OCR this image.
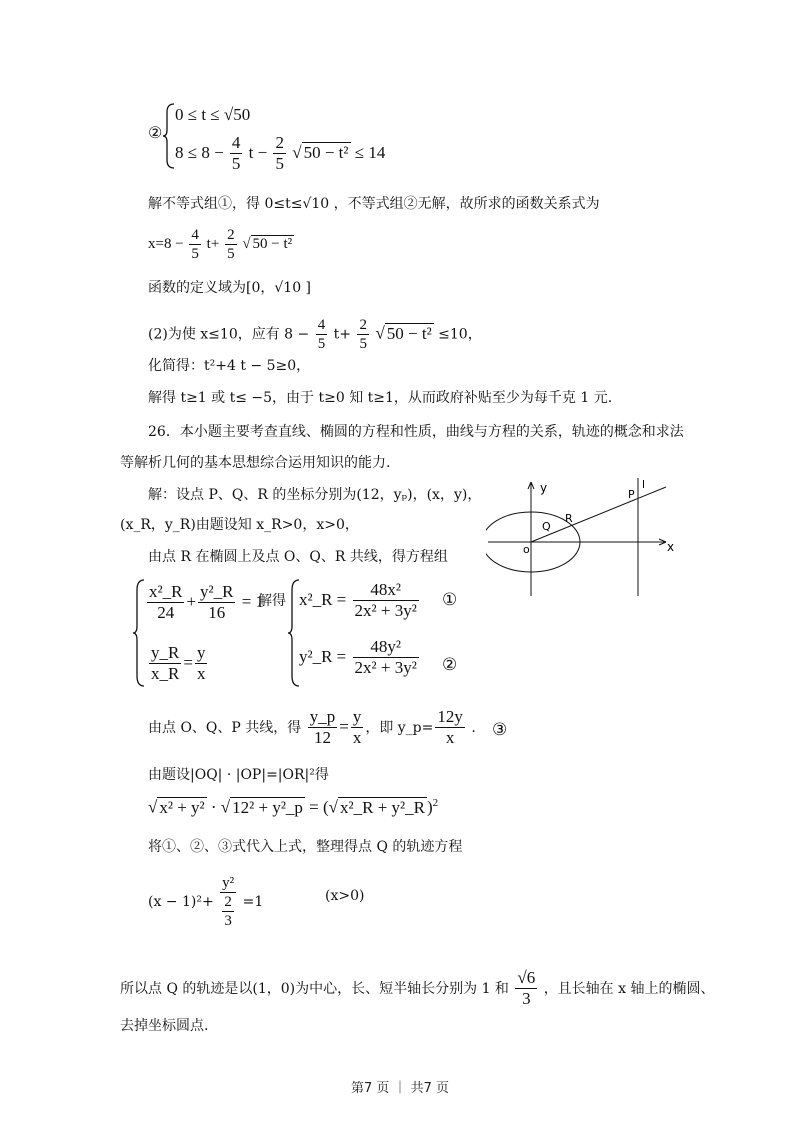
②
0 ≤ t ≤ √50
$8 \le 8 - \frac{4}{5}$ $t - \frac{2}{5}$ √ 50 − t² ≤ 14
解不等式组①，得 0≤t≤√10 ，不等式组②无解，故所求的函数关系式为
$x=8 - \frac{4}{5} t+ \frac{2}{5}$ √ 50 − t²
函数的定义域为[0，√10 ]
(2)为使 x≤10，应有 $8 - \frac{4}{5} t+ \frac{2}{5}$ √ 50 − t² ≤10，
化简得：t²+4 t − 5≥0，
解得 t≥1 或 t≤ −5，由于 t≥0 知 t≥1，从而政府补贴至少为每千克 1 元.
26．本小题主要考查直线、椭圆的方程和性质，曲线与方程的关系，轨迹的概念和求法
等解析几何的基本思想综合运用知识的能力.
解：设点 P、Q、R 的坐标分别为(12，yₚ)，(x，y)，
(x_R，y_R)由题设知 x_R>0，x>0，
由点 R 在椭圆上及点 O、Q、R 共线，得方程组
y
x
o
Q
R
P
l
$\frac{\text{x²\_R}}{24} + \frac{\text{y²\_R}}{16} = 1$
$\frac{y\_R}{x\_R} = \frac{y}{x}$
解得 x²_R = $\frac{\text{48x²}}{\text{2x² + 3y²}}$ ①
y²_R = $\frac{\text{48y²}}{\text{2x² + 3y²}}$ ②
由点 O、Q、P 共线，得 $\frac{y\_p}{12} = \frac{y}{x}$ ，即 y_p= $\frac{12y}{x}$ . ③
由题设|OQ| · |OP|=|OR|²得
√ x² + y² · √ 12² + y²_p = (√ x²_R + y²_R )$^2$
将①、②、③式代入上式，整理得点 Q 的轨迹方程
$(x - 1)^2+ \frac{\text{y²}}{\frac{2}{3}} =1$	(x>0)
所以点 Q 的轨迹是以(1，0)为中心，长、短半轴长分别为 1 和 $\frac{√6}{3}$ ，且长轴在 x 轴上的椭圆、
去掉坐标圆点.
第7 页 ｜ 共7 页
